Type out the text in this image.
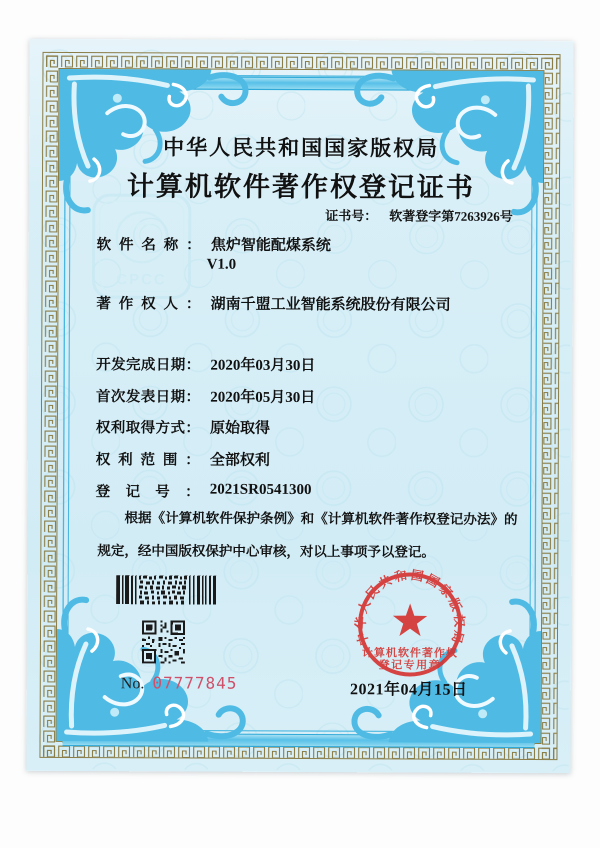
CPCC
中华人民共和国国家版权局
计算机软件著作权登记证书
证书号： 软著登字第7263926号
软件名称： 焦炉智能配煤系统
V1.0
著作权人： 湖南千盟工业智能系统股份有限公司
开发完成日期： 2020年03月30日
首次发表日期： 2020年05月30日
权利取得方式： 原始取得
权利范围： 全部权利
登记号： 2021SR0541300

根据《计算机软件保护条例》和《计算机软件著作权登记办法》的规定，经中国版权保护中心审核，对以上事项予以登记。

No. 07777845
中华人民共和国国家版权局
计算机软件著作权
登记专用章
2021年04月15日
